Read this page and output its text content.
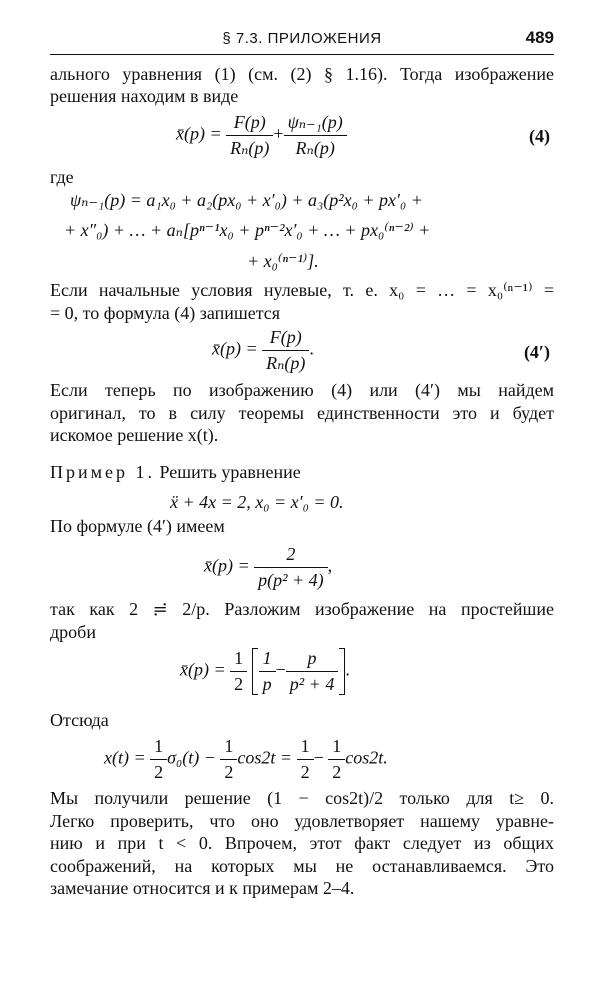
§ 7.3. ПРИЛОЖЕНИЯ	489
ального уравнения (1) (см. (2) § 1.16). Тогда изображение
решения находим в виде
x̄(p) = $\frac{F(p)}{\text{Rₙ(p)}} + \frac{\text{ψₙ₋₁(p)}}{\text{Rₙ(p)}}$	(4)
где
ψₙ₋₁(p) = a₁x₀ + a₂(px₀ + x′₀) + a₃(p²x₀ + px′₀ +
+ x″₀) + … + aₙ[pⁿ⁻¹x₀ + pⁿ⁻²x′₀ + … + px₀⁽ⁿ⁻²⁾ +
+ x₀⁽ⁿ⁻¹⁾].
Если начальные условия нулевые, т. е. x₀ = … = x₀⁽ⁿ⁻¹⁾ =
= 0, то формула (4) запишется
x̄(p) = $\frac{F(p)}{\text{Rₙ(p)}}$ .	(4′)
Если теперь по изображению (4) или (4′) мы найдем
оригинал, то в силу теоремы единственности это и будет
искомое решение x(t).
Пример 1. Решить уравнение
ẍ + 4x = 2, x₀ = x′₀ = 0.
По формуле (4′) имеем
x̄(p) = $\frac{2}{\text{p(p² + 4)}}$ ,
так как 2 ≓ 2/p. Разложим изображение на простейшие
дроби
x̄(p) = $\frac{1}{2}$
$\frac{1}{p} - \frac{p}{\text{p² + 4}}$ .
Отсюда
$x(t) = \frac{1}{2} \sigma_0(t) - \frac{1}{2} \cos 2t = \frac{1}{2} - \frac{1}{2} \cos 2t$.
Мы получили решение (1 − cos2t)/2 только для t≥ 0.
Легко проверить, что оно удовлетворяет нашему уравне-
нию и при t < 0. Впрочем, этот факт следует из общих
соображений, на которых мы не останавливаемся. Это
замечание относится и к примерам 2–4.
